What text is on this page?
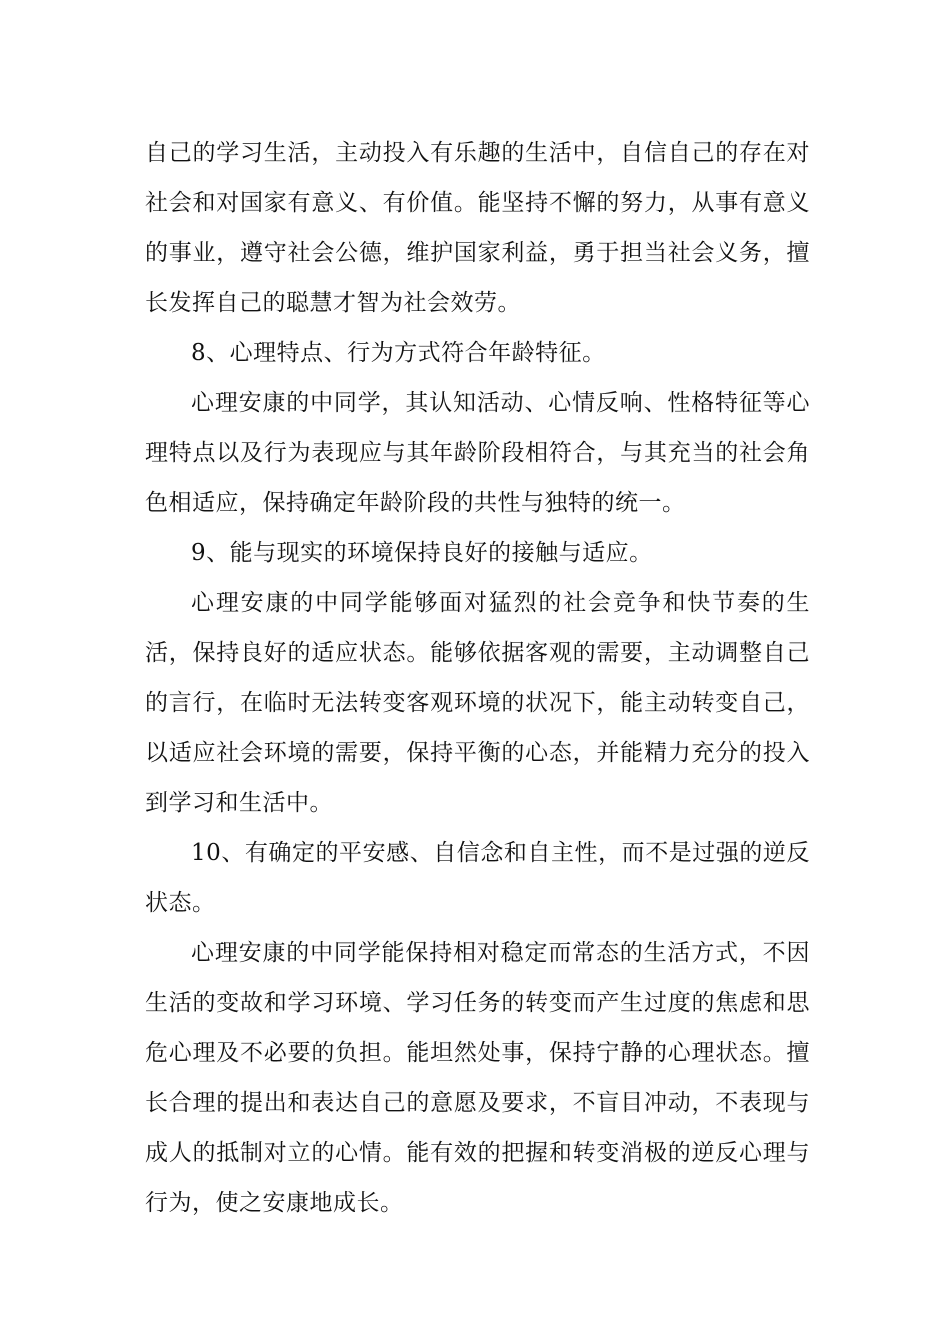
自己的学习生活，主动投入有乐趣的生活中，自信自己的存在对社会和对国家有意义、有价值。能坚持不懈的努力，从事有意义的事业，遵守社会公德，维护国家利益，勇于担当社会义务，擅长发挥自己的聪慧才智为社会效劳。

8、心理特点、行为方式符合年龄特征。

心理安康的中同学，其认知活动、心情反响、性格特征等心理特点以及行为表现应与其年龄阶段相符合，与其充当的社会角色相适应，保持确定年龄阶段的共性与独特的统一。

9、能与现实的环境保持良好的接触与适应。

心理安康的中同学能够面对猛烈的社会竞争和快节奏的生活，保持良好的适应状态。能够依据客观的需要，主动调整自己的言行，在临时无法转变客观环境的状况下，能主动转变自己，以适应社会环境的需要，保持平衡的心态，并能精力充分的投入到学习和生活中。

10、有确定的平安感、自信念和自主性，而不是过强的逆反状态。

心理安康的中同学能保持相对稳定而常态的生活方式，不因生活的变故和学习环境、学习任务的转变而产生过度的焦虑和思危心理及不必要的负担。能坦然处事，保持宁静的心理状态。擅长合理的提出和表达自己的意愿及要求，不盲目冲动，不表现与成人的抵制对立的心情。能有效的把握和转变消极的逆反心理与行为，使之安康地成长。
